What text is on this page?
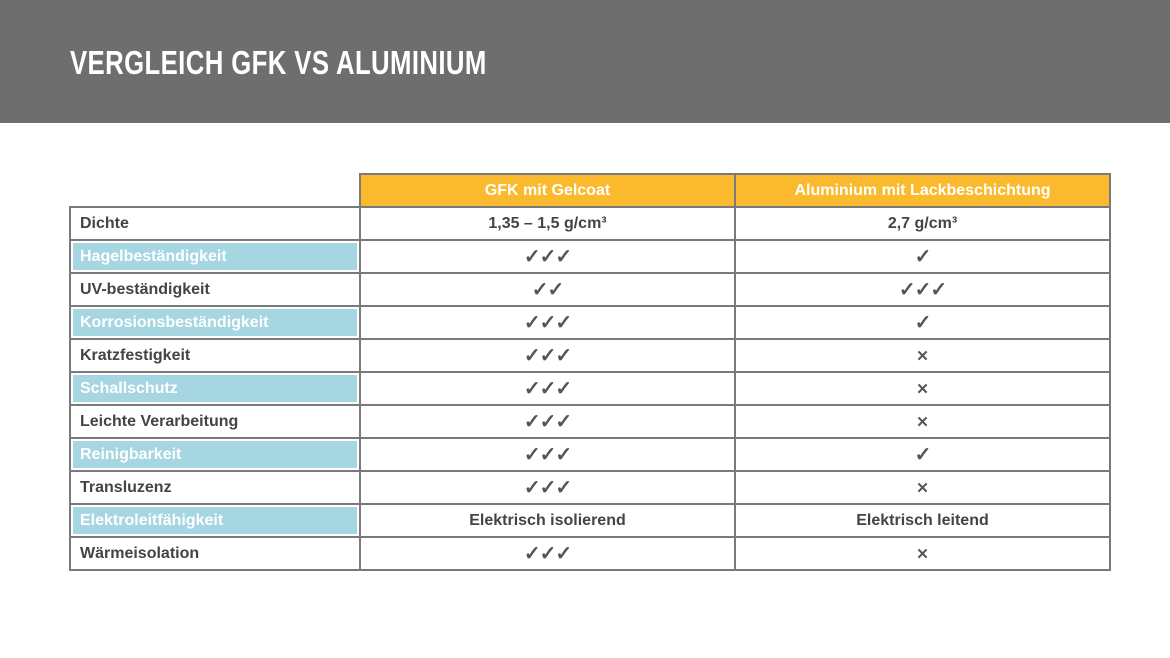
VERGLEICH GFK VS ALUMINIUM
	GFK mit Gelcoat	Aluminium mit Lackbeschichtung
Dichte	1,35 – 1,5 g/cm³	2,7 g/cm³
Hagelbeständigkeit	✓✓✓	✓
UV-beständigkeit	✓✓	✓✓✓
Korrosionsbeständigkeit	✓✓✓	✓
Kratzfestigkeit	✓✓✓	✕
Schallschutz	✓✓✓	✕
Leichte Verarbeitung	✓✓✓	✕
Reinigbarkeit	✓✓✓	✓
Transluzenz	✓✓✓	✕
Elektroleitfähigkeit	Elektrisch isolierend	Elektrisch leitend
Wärmeisolation	✓✓✓	✕
